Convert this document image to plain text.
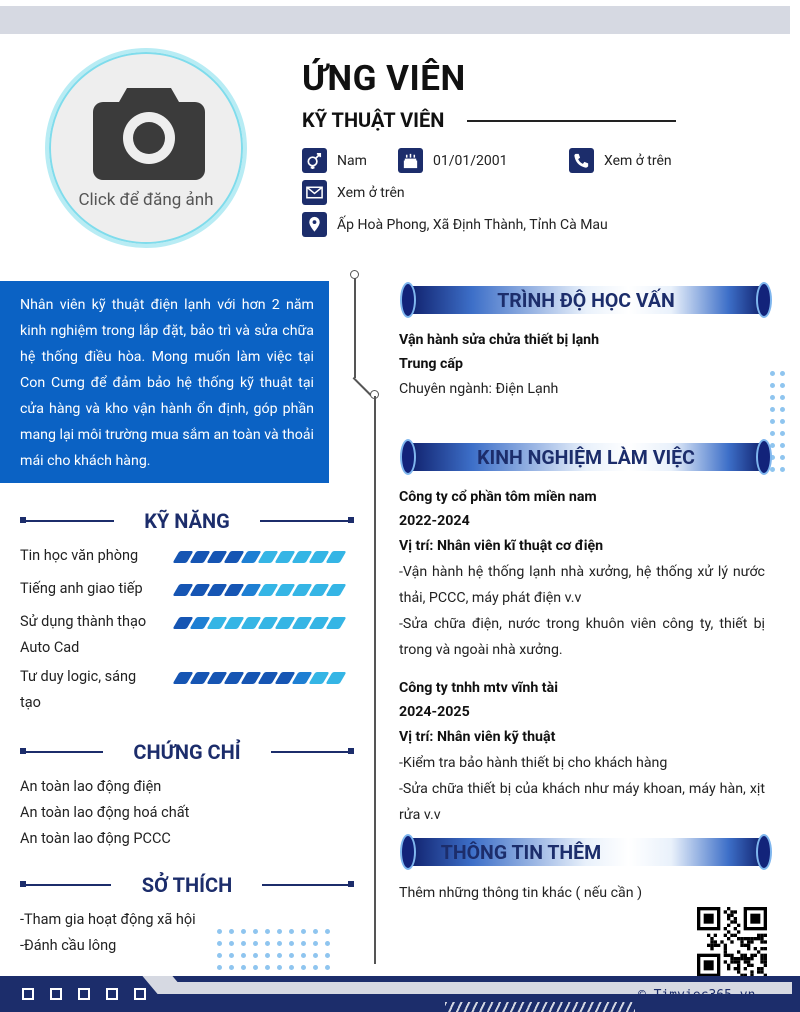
Click để đăng ảnh
ỨNG VIÊN
KỸ THUẬT VIÊN
Nam	01/01/2001	Xem ở trên
Xem ở trên
Ấp Hoà Phong, Xã Định Thành, Tỉnh Cà Mau
Nhân viên kỹ thuật điện lạnh với hơn 2 năm kinh nghiệm trong lắp đặt, bảo trì và sửa chữa hệ thống điều hòa. Mong muốn làm việc tại Con Cưng để đảm bảo hệ thống kỹ thuật tại cửa hàng và kho vận hành ổn định, góp phần mang lại môi trường mua sắm an toàn và thoải mái cho khách hàng.
KỸ NĂNG
Tin học văn phòng
Tiếng anh giao tiếp
Sử dụng thành thạo Auto Cad
Tư duy logic, sáng tạo
CHỨNG CHỈ
An toàn lao động điện
An toàn lao động hoá chất
An toàn lao động PCCC
SỞ THÍCH
-Tham gia hoạt động xã hội
-Đánh cầu lông
TRÌNH ĐỘ HỌC VẤN
Vận hành sửa chửa thiết bị lạnh
Trung cấp
Chuyên ngành: Điện Lạnh
KINH NGHIỆM LÀM VIỆC
Công ty cổ phần tôm miền nam
2022-2024
Vị trí: Nhân viên kĩ thuật cơ điện
-Vận hành hệ thống lạnh nhà xưởng, hệ thống xử lý nước thải, PCCC, máy phát điện v.v
-Sửa chữa điện, nước trong khuôn viên công ty, thiết bị trong và ngoài nhà xưởng.
Công ty tnhh mtv vĩnh tài
2024-2025
Vị trí: Nhân viên kỹ thuật
-Kiểm tra bảo hành thiết bị cho khách hàng
-Sửa chữa thiết bị của khách như máy khoan, máy hàn, xịt rửa v.v
THÔNG TIN THÊM
Thêm những thông tin khác ( nếu cần )
© Timviec365.vn
